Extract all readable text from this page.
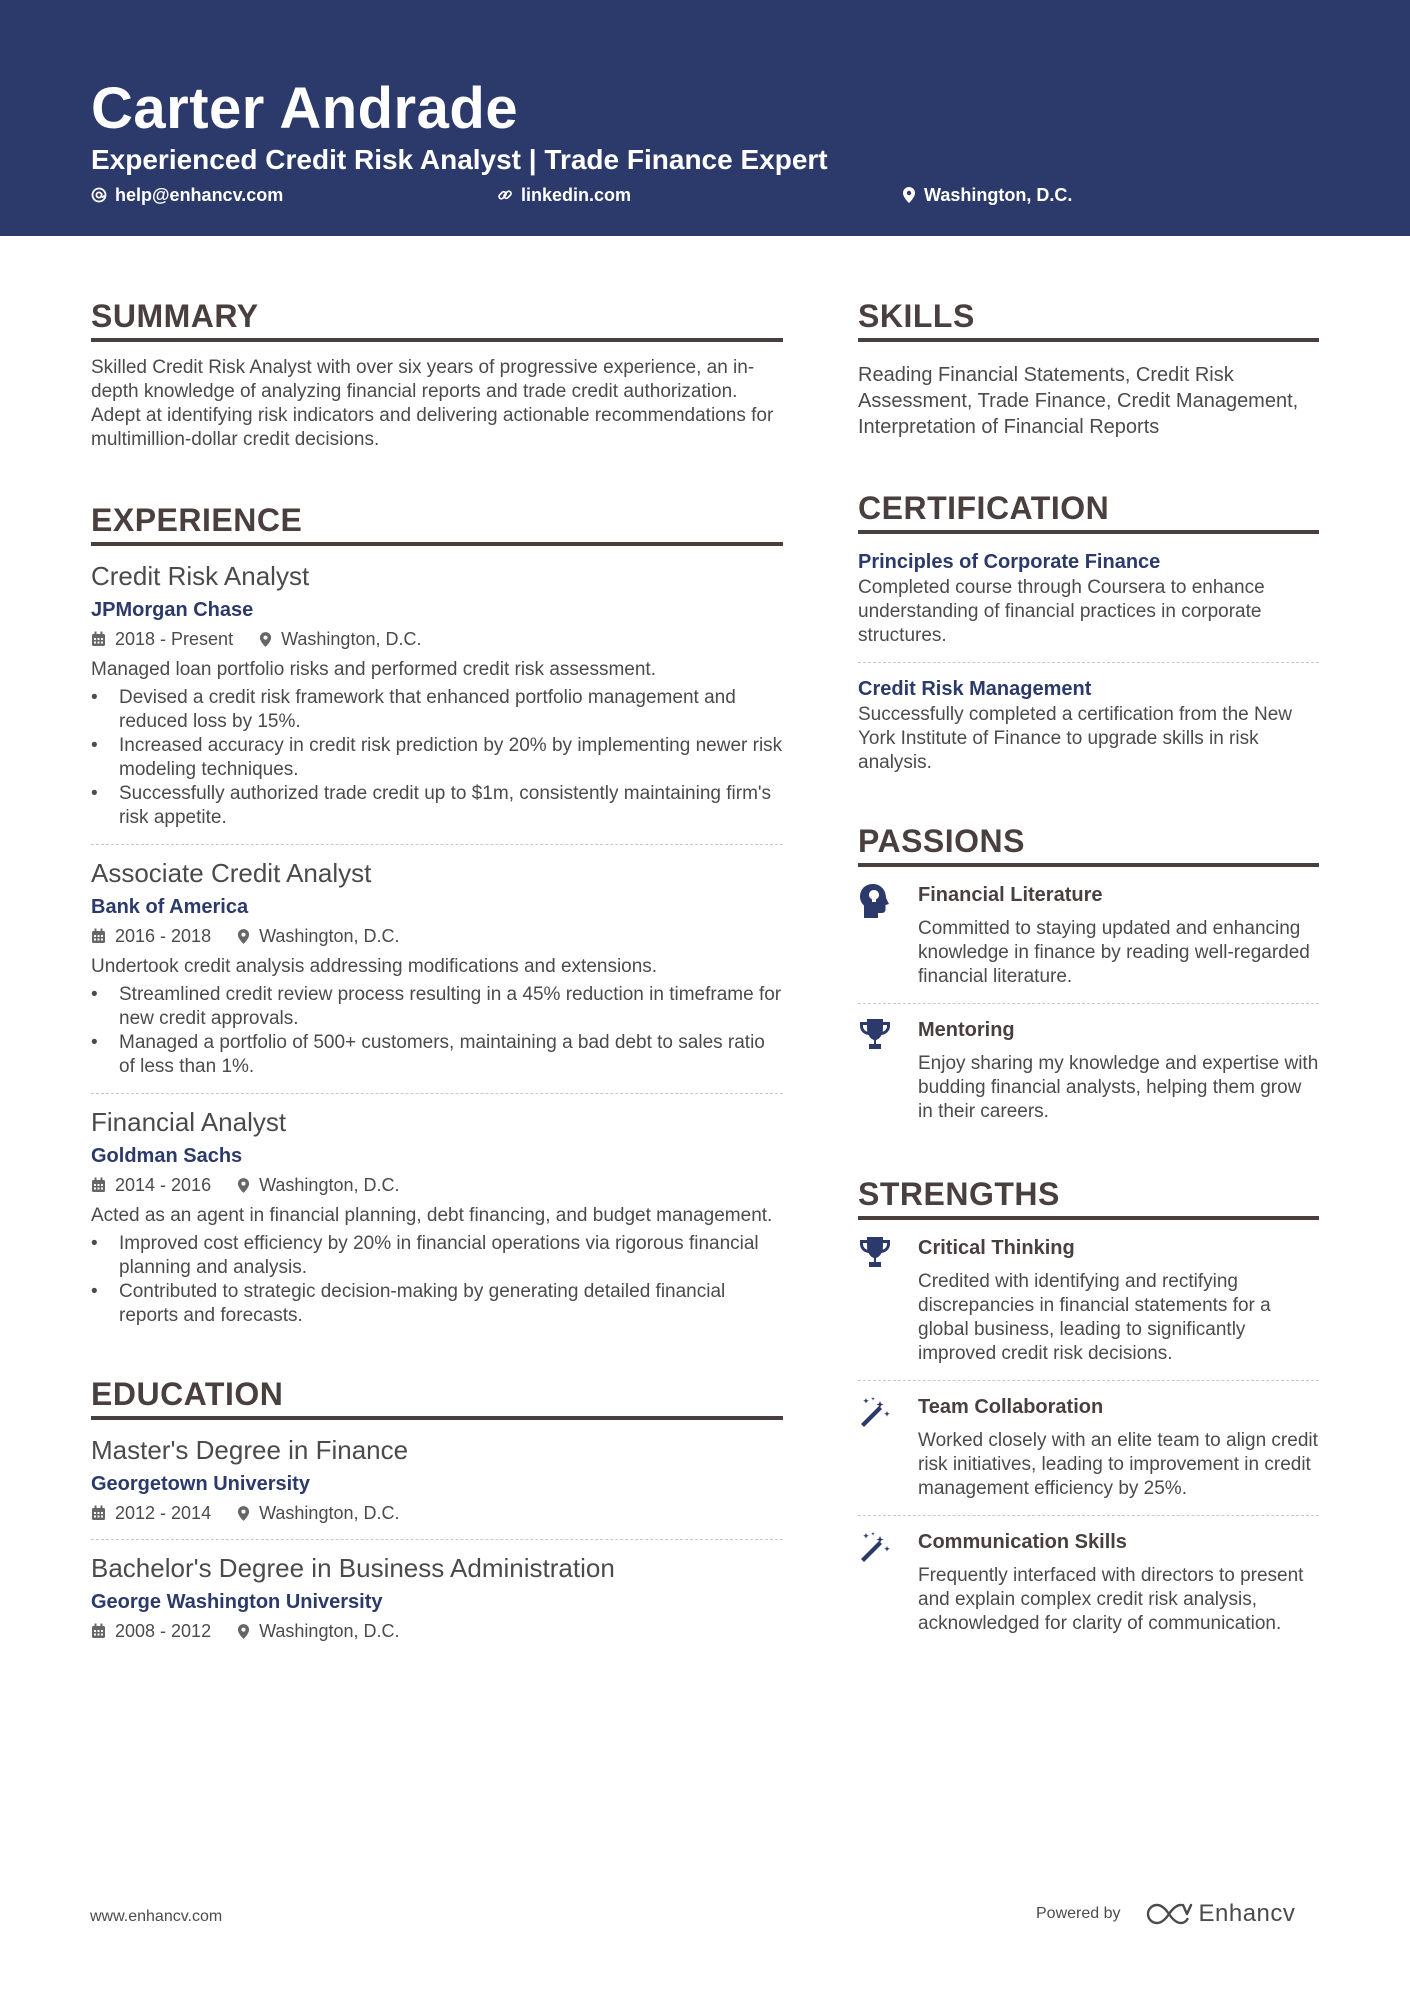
Carter Andrade
Experienced Credit Risk Analyst | Trade Finance Expert
help@enhancv.com	linkedin.com	Washington, D.C.
SUMMARY
Skilled Credit Risk Analyst with over six years of progressive experience, an in-depth knowledge of analyzing financial reports and trade credit authorization. Adept at identifying risk indicators and delivering actionable recommendations for multimillion-dollar credit decisions.
EXPERIENCE
Credit Risk Analyst
JPMorgan Chase
2018 - Present	Washington, D.C.
Managed loan portfolio risks and performed credit risk assessment.
• Devised a credit risk framework that enhanced portfolio management and reduced loss by 15%.
• Increased accuracy in credit risk prediction by 20% by implementing newer risk modeling techniques.
• Successfully authorized trade credit up to $1m, consistently maintaining firm's risk appetite.
Associate Credit Analyst
Bank of America
2016 - 2018	Washington, D.C.
Undertook credit analysis addressing modifications and extensions.
• Streamlined credit review process resulting in a 45% reduction in timeframe for new credit approvals.
• Managed a portfolio of 500+ customers, maintaining a bad debt to sales ratio of less than 1%.
Financial Analyst
Goldman Sachs
2014 - 2016	Washington, D.C.
Acted as an agent in financial planning, debt financing, and budget management.
• Improved cost efficiency by 20% in financial operations via rigorous financial planning and analysis.
• Contributed to strategic decision-making by generating detailed financial reports and forecasts.
EDUCATION
Master's Degree in Finance
Georgetown University
2012 - 2014	Washington, D.C.
Bachelor's Degree in Business Administration
George Washington University
2008 - 2012	Washington, D.C.
SKILLS
Reading Financial Statements, Credit Risk Assessment, Trade Finance, Credit Management, Interpretation of Financial Reports
CERTIFICATION
Principles of Corporate Finance
Completed course through Coursera to enhance understanding of financial practices in corporate structures.
Credit Risk Management
Successfully completed a certification from the New York Institute of Finance to upgrade skills in risk analysis.
PASSIONS
Financial Literature
Committed to staying updated and enhancing knowledge in finance by reading well-regarded financial literature.
Mentoring
Enjoy sharing my knowledge and expertise with budding financial analysts, helping them grow in their careers.
STRENGTHS
Critical Thinking
Credited with identifying and rectifying discrepancies in financial statements for a global business, leading to significantly improved credit risk decisions.
Team Collaboration
Worked closely with an elite team to align credit risk initiatives, leading to improvement in credit management efficiency by 25%.
Communication Skills
Frequently interfaced with directors to present and explain complex credit risk analysis, acknowledged for clarity of communication.
www.enhancv.com	Powered by	Enhancv
